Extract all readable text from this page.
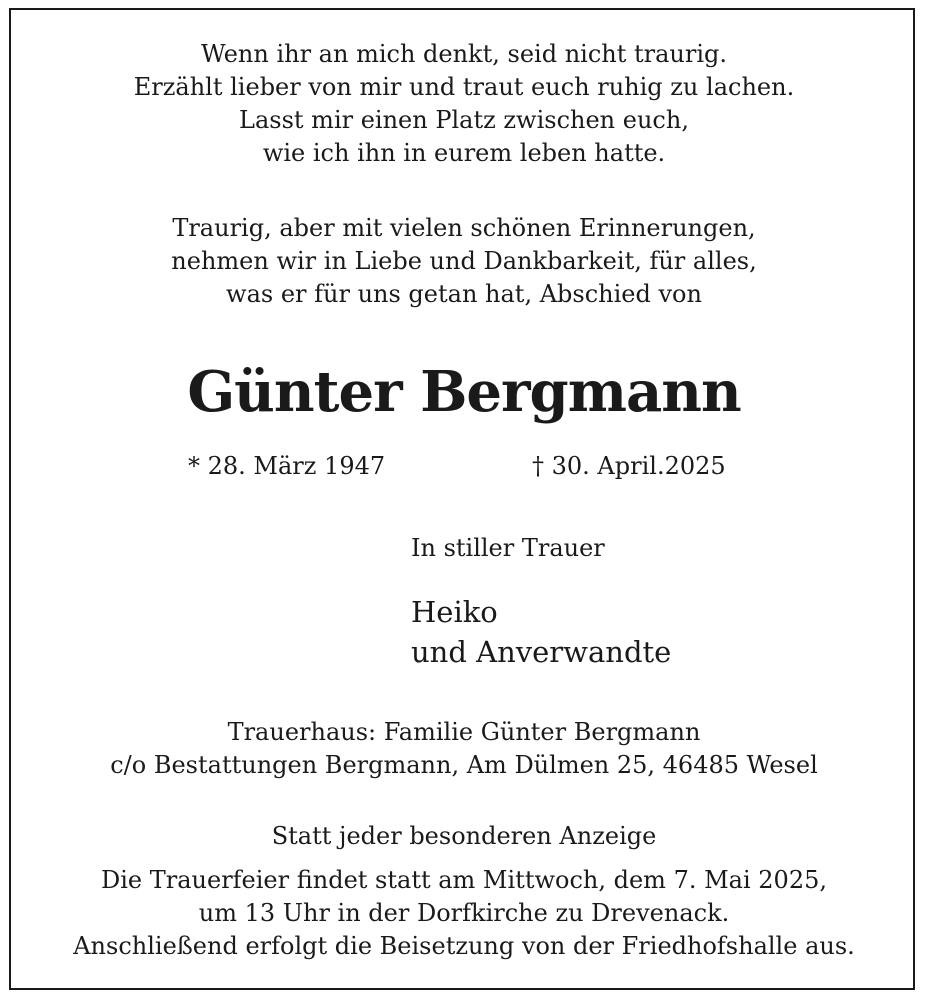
Wenn ihr an mich denkt, seid nicht traurig.
Erzählt lieber von mir und traut euch ruhig zu lachen.
Lasst mir einen Platz zwischen euch,
wie ich ihn in eurem leben hatte.
Traurig, aber mit vielen schönen Erinnerungen,
nehmen wir in Liebe und Dankbarkeit, für alles,
was er für uns getan hat, Abschied von
Günter Bergmann
* 28. März 1947	† 30. April.2025
In stiller Trauer
Heiko
und Anverwandte
Trauerhaus: Familie Günter Bergmann
c/o Bestattungen Bergmann, Am Dülmen 25, 46485 Wesel
Statt jeder besonderen Anzeige
Die Trauerfeier findet statt am Mittwoch, dem 7. Mai 2025,
um 13 Uhr in der Dorfkirche zu Drevenack.
Anschließend erfolgt die Beisetzung von der Friedhofshalle aus.
